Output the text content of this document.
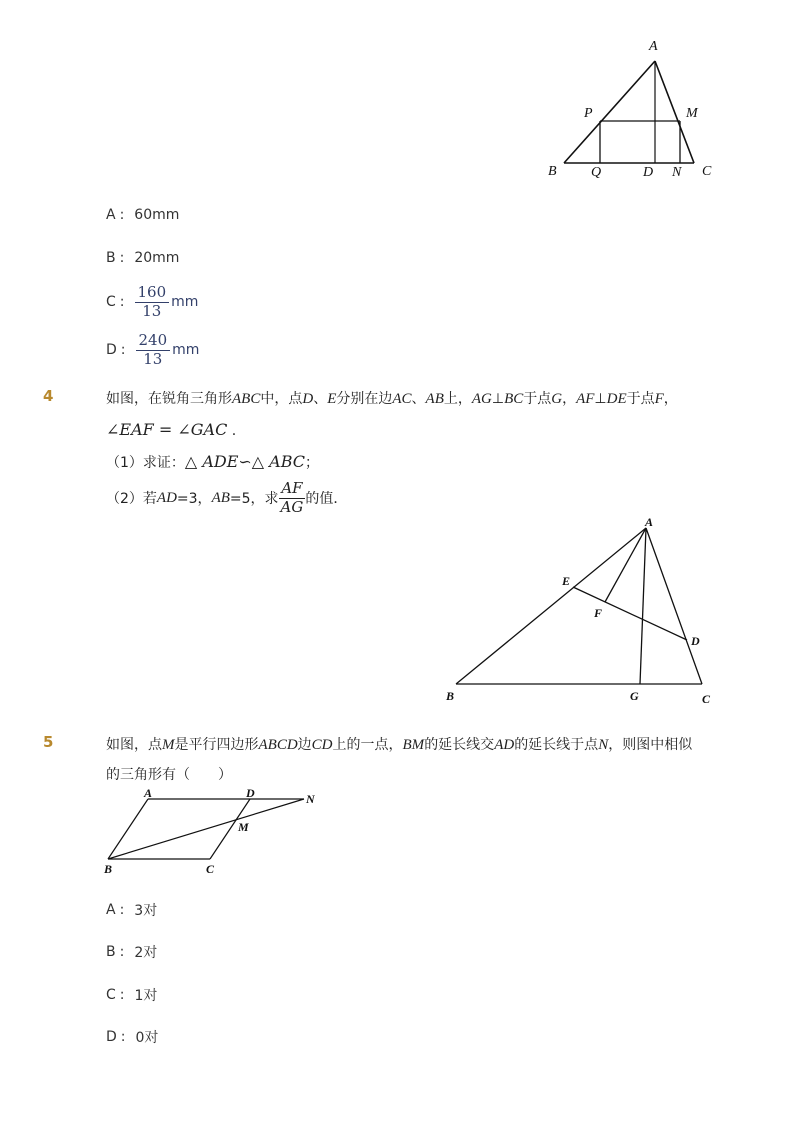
A
P	M
B Q	D N C
A : 60mm
B : 20mm
C : $\frac{160}{13}$ mm
D : $\frac{240}{13}$ mm
4	如图，在锐角三角形ABC中，点D、E分别在边AC、AB上，AG⊥BC于点G，AF⊥DE于点F，
∠EAF = ∠GAC .
（1）求证：△ ADE∽△ ABC；
（2）若 AD =3， AB =5，求 $\frac{AF}{AG}$ 的值．
A
E
F
D
B	G	C
5	如图，点M是平行四边形ABCD边CD上的一点，BM的延长线交AD的延长线于点N，则图中相似
的三角形有（　　）
A	D	N
M
B	C
A : 3对
B : 2对
C : 1对
D : 0对
